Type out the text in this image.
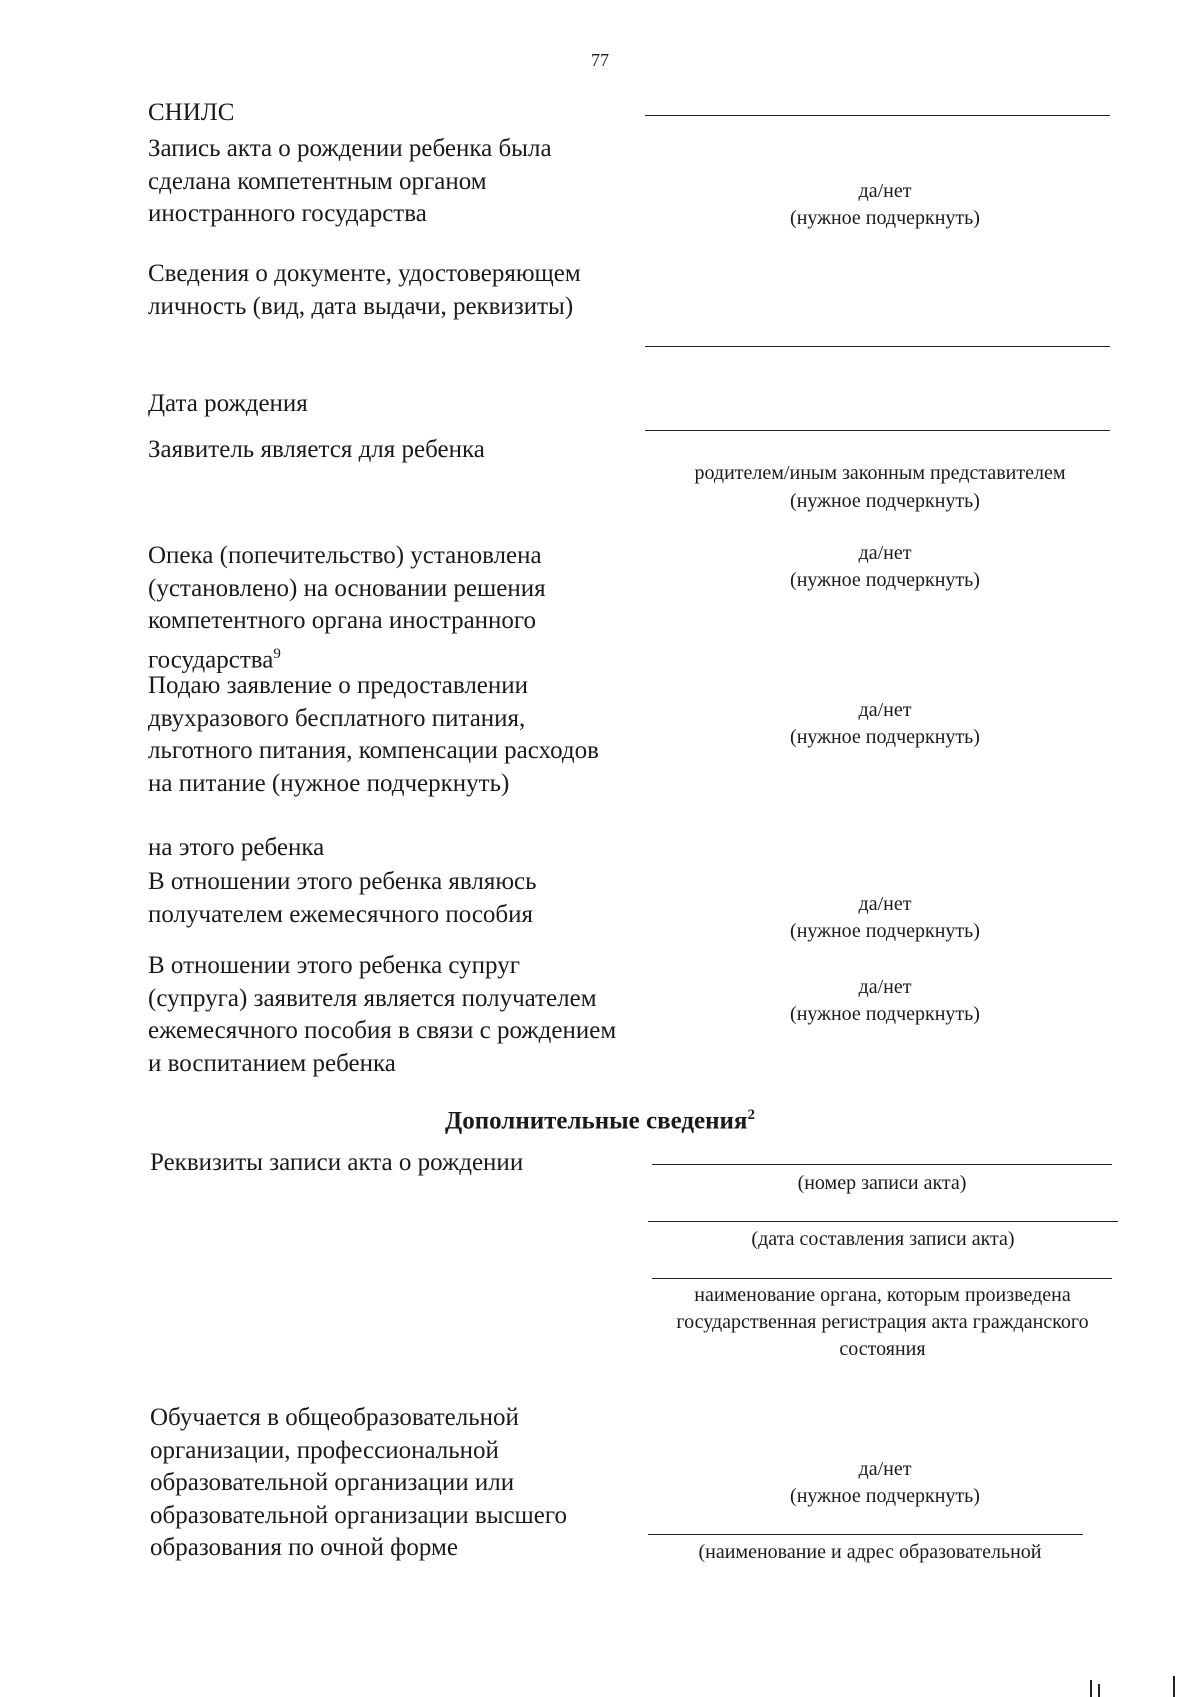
77
СНИЛС
Запись акта о рождении ребенка была сделана компетентным органом иностранного государства
да/нет
(нужное подчеркнуть)
Сведения о документе, удостоверяющем личность (вид, дата выдачи, реквизиты)
Дата рождения
Заявитель является для ребенка
родителем/иным законным представителем
(нужное подчеркнуть)
Опека (попечительство) установлена (установлено) на основании решения компетентного органа иностранного государства$^9$
да/нет
(нужное подчеркнуть)
Подаю заявление о предоставлении двухразового бесплатного питания, льготного питания, компенсации расходов на питание (нужное подчеркнуть)
на этого ребенка
да/нет
(нужное подчеркнуть)
В отношении этого ребенка являюсь получателем ежемесячного пособия	да/нет
(нужное подчеркнуть)
В отношении этого ребенка супруг (супруга) заявителя является получателем ежемесячного пособия в связи с рождением и воспитанием ребенка
да/нет
(нужное подчеркнуть)
Дополнительные сведения$^2$
Реквизиты записи акта о рождении
(номер записи акта)
(дата составления записи акта)
наименование органа, которым произведена государственная регистрация акта гражданского состояния
Обучается в общеобразовательной организации, профессиональной образовательной организации или образовательной организации высшего образования по очной форме
да/нет
(нужное подчеркнуть)
(наименование и адрес образовательной
